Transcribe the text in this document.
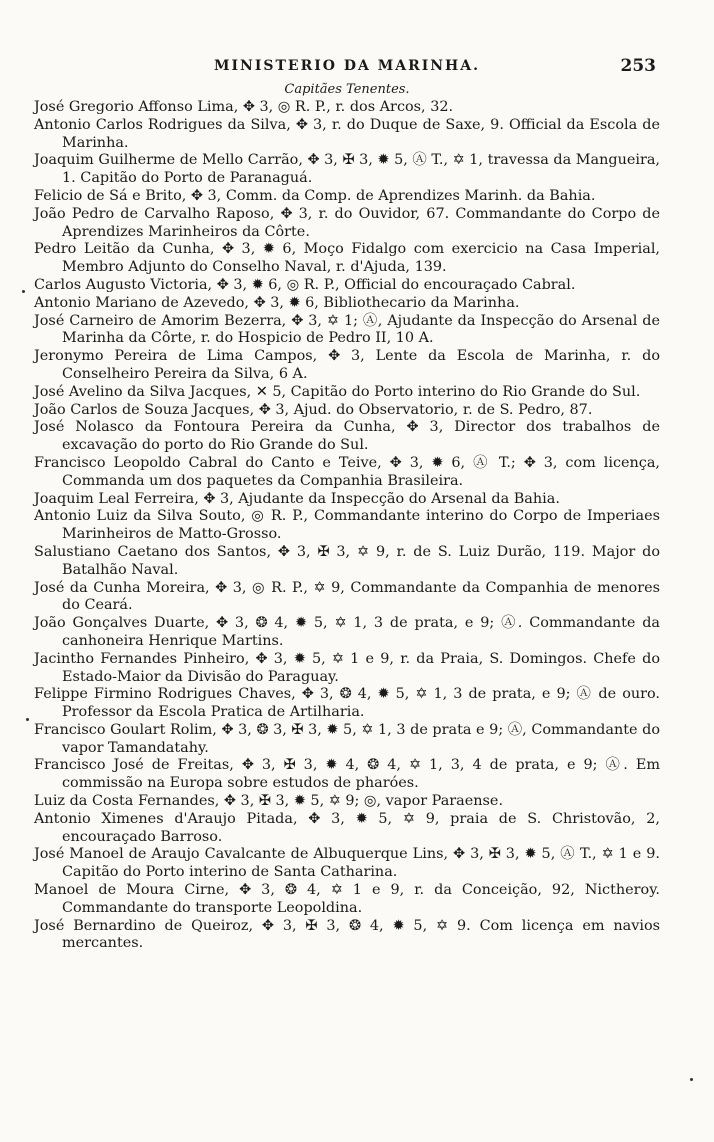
MINISTERIO DA MARINHA.	253
Capitães Tenentes.

José Gregorio Affonso Lima, ✥ 3, ◎ R. P., r. dos Arcos, 32.

Antonio Carlos Rodrigues da Silva, ✥ 3, r. do Duque de Saxe, 9. Official da Escola de Marinha.

Joaquim Guilherme de Mello Carrão, ✥ 3, ✠ 3, ✹ 5, Ⓐ T., ✡ 1, travessa da Mangueira, 1. Capitão do Porto de Paranaguá.

Felicio de Sá e Brito, ✥ 3, Comm. da Comp. de Aprendizes Marinh. da Bahia.

João Pedro de Carvalho Raposo, ✥ 3, r. do Ouvidor, 67. Commandante do Corpo de Aprendizes Marinheiros da Côrte.

Pedro Leitão da Cunha, ✥ 3, ✹ 6, Moço Fidalgo com exercicio na Casa Imperial, Membro Adjunto do Conselho Naval, r. d'Ajuda, 139.

Carlos Augusto Victoria, ✥ 3, ✹ 6, ◎ R. P., Official do encouraçado Cabral.

Antonio Mariano de Azevedo, ✥ 3, ✹ 6, Bibliothecario da Marinha.

José Carneiro de Amorim Bezerra, ✥ 3, ✡ 1; Ⓐ, Ajudante da Inspecção do Arsenal de Marinha da Côrte, r. do Hospicio de Pedro II, 10 A.

Jeronymo Pereira de Lima Campos, ✥ 3, Lente da Escola de Marinha, r. do Conselheiro Pereira da Silva, 6 A.

José Avelino da Silva Jacques, ✕ 5, Capitão do Porto interino do Rio Grande do Sul.

João Carlos de Souza Jacques, ✥ 3, Ajud. do Observatorio, r. de S. Pedro, 87.

José Nolasco da Fontoura Pereira da Cunha, ✥ 3, Director dos trabalhos de excavação do porto do Rio Grande do Sul.

Francisco Leopoldo Cabral do Canto e Teive, ✥ 3, ✹ 6, Ⓐ T.; ✥ 3, com licença, Commanda um dos paquetes da Companhia Brasileira.

Joaquim Leal Ferreira, ✥ 3, Ajudante da Inspecção do Arsenal da Bahia.

Antonio Luiz da Silva Souto, ◎ R. P., Commandante interino do Corpo de Imperiaes Marinheiros de Matto-Grosso.

Salustiano Caetano dos Santos, ✥ 3, ✠ 3, ✡ 9, r. de S. Luiz Durão, 119. Major do Batalhão Naval.

José da Cunha Moreira, ✥ 3, ◎ R. P., ✡ 9, Commandante da Companhia de menores do Ceará.

João Gonçalves Duarte, ✥ 3, ❂ 4, ✹ 5, ✡ 1, 3 de prata, e 9; Ⓐ. Commandante da canhoneira Henrique Martins.

Jacintho Fernandes Pinheiro, ✥ 3, ✹ 5, ✡ 1 e 9, r. da Praia, S. Domingos. Chefe do Estado-Maior da Divisão do Paraguay.

Felippe Firmino Rodrigues Chaves, ✥ 3, ❂ 4, ✹ 5, ✡ 1, 3 de prata, e 9; Ⓐ de ouro. Professor da Escola Pratica de Artilharia.

Francisco Goulart Rolim, ✥ 3, ❂ 3, ✠ 3, ✹ 5, ✡ 1, 3 de prata e 9; Ⓐ, Commandante do vapor Tamandatahy.

Francisco José de Freitas, ✥ 3, ✠ 3, ✹ 4, ❂ 4, ✡ 1, 3, 4 de prata, e 9; Ⓐ. Em commissão na Europa sobre estudos de pharóes.

Luiz da Costa Fernandes, ✥ 3, ✠ 3, ✹ 5, ✡ 9; ◎, vapor Paraense.

Antonio Ximenes d'Araujo Pitada, ✥ 3, ✹ 5, ✡ 9, praia de S. Christovão, 2, encouraçado Barroso.

José Manoel de Araujo Cavalcante de Albuquerque Lins, ✥ 3, ✠ 3, ✹ 5, Ⓐ T., ✡ 1 e 9. Capitão do Porto interino de Santa Catharina.

Manoel de Moura Cirne, ✥ 3, ❂ 4, ✡ 1 e 9, r. da Conceição, 92, Nictheroy. Commandante do transporte Leopoldina.

José Bernardino de Queiroz, ✥ 3, ✠ 3, ❂ 4, ✹ 5, ✡ 9. Com licença em navios mercantes.
